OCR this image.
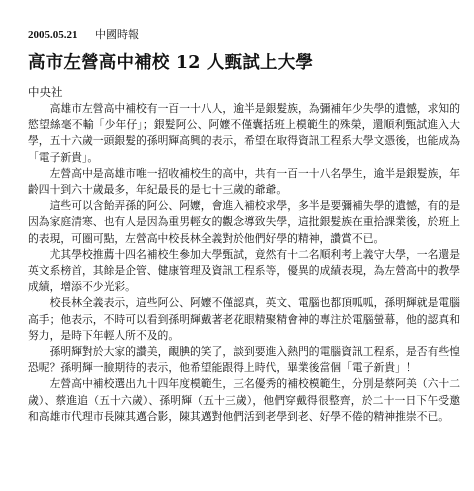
2005.05.21 中國時報
高市左營高中補校 12 人甄試上大學
中央社

高雄市左營高中補校有一百一十八人，逾半是銀髮族，為彌補年少失學的遺憾，求知的慾望絲毫不輸「少年仔」；銀髮阿公、阿嬤不僅囊括班上模範生的殊榮，還順利甄試進入大學，五十六歲一頭銀髮的孫明輝高興的表示，希望在取得資訊工程系大學文憑後，也能成為「電子新貴」。

左營高中是高雄市唯一招收補校生的高中，共有一百一十八名學生，逾半是銀髮族，年齡四十到六十歲最多，年紀最長的是七十三歲的爺爺。

這些可以含飴弄孫的阿公、阿嬤，會進入補校求學，多半是要彌補失學的遺憾，有的是因為家庭清寒、也有人是因為重男輕女的觀念導致失學，這批銀髮族在重拾課業後，於班上的表現，可圈可點，左營高中校長林全義對於他們好學的精神，讚賞不已。

尤其學校推薦十四名補校生參加大學甄試，竟然有十二名順利考上義守大學，一名還是英文系榜首，其餘是企管、健康管理及資訊工程系等，優異的成績表現，為左營高中的教學成績，增添不少光彩。

校長林全義表示，這些阿公、阿嬤不僅認真，英文、電腦也都頂呱呱，孫明輝就是電腦高手；他表示，不時可以看到孫明輝戴著老花眼精聚精會神的專注於電腦螢幕，他的認真和努力，是時下年輕人所不及的。

孫明輝對於大家的讚美，靦腆的笑了，談到要進入熱門的電腦資訊工程系，是否有些惶恐呢？孫明輝一臉期待的表示，他希望能跟得上時代，畢業後當個「電子新貴」！

左營高中補校選出九十四年度模範生，三名優秀的補校模範生，分別是蔡阿美（六十二歲）、蔡進追（五十六歲）、孫明輝（五十三歲），他們穿戴得很整齊，於二十一日下午受邀和高雄市代理市長陳其邁合影，陳其邁對他們活到老學到老、好學不倦的精神推崇不已。
